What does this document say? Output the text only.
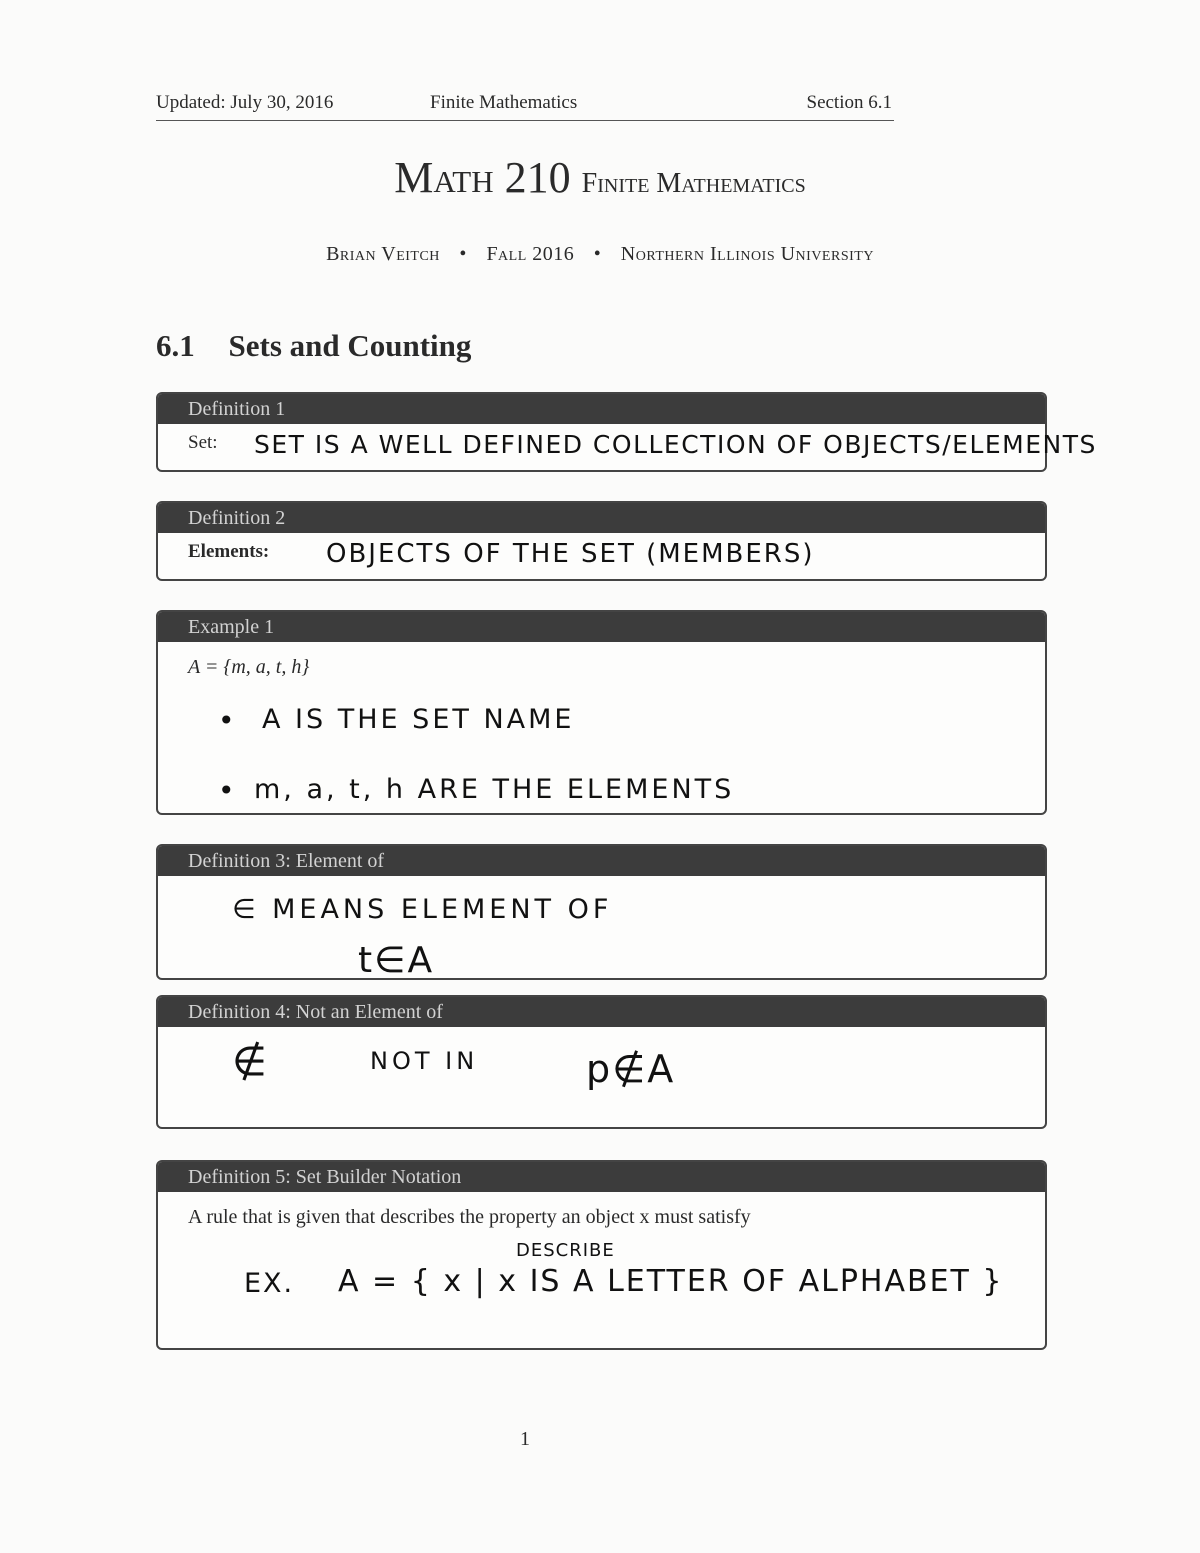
Updated: July 30, 2016	Finite Mathematics	Section 6.1
Math 210 Finite Mathematics
Brian Veitch • Fall 2016 • Northern Illinois University
6.1 Sets and Counting
Definition 1
Set: SET IS A WELL DEFINED COLLECTION OF OBJECTS/ELEMENTS
Definition 2
Elements: OBJECTS OF THE SET (MEMBERS)
Example 1
A = {m, a, t, h}
• A IS THE SET NAME
• m, a, t, h ARE THE ELEMENTS
Definition 3: Element of
∈ MEANS ELEMENT OF
t∈A
Definition 4: Not an Element of
∉	NOT IN	p∉A
Definition 5: Set Builder Notation
A rule that is given that describes the property an object x must satisfy
DESCRIBE
EX. A = { x | x IS A LETTER OF ALPHABET }
1
